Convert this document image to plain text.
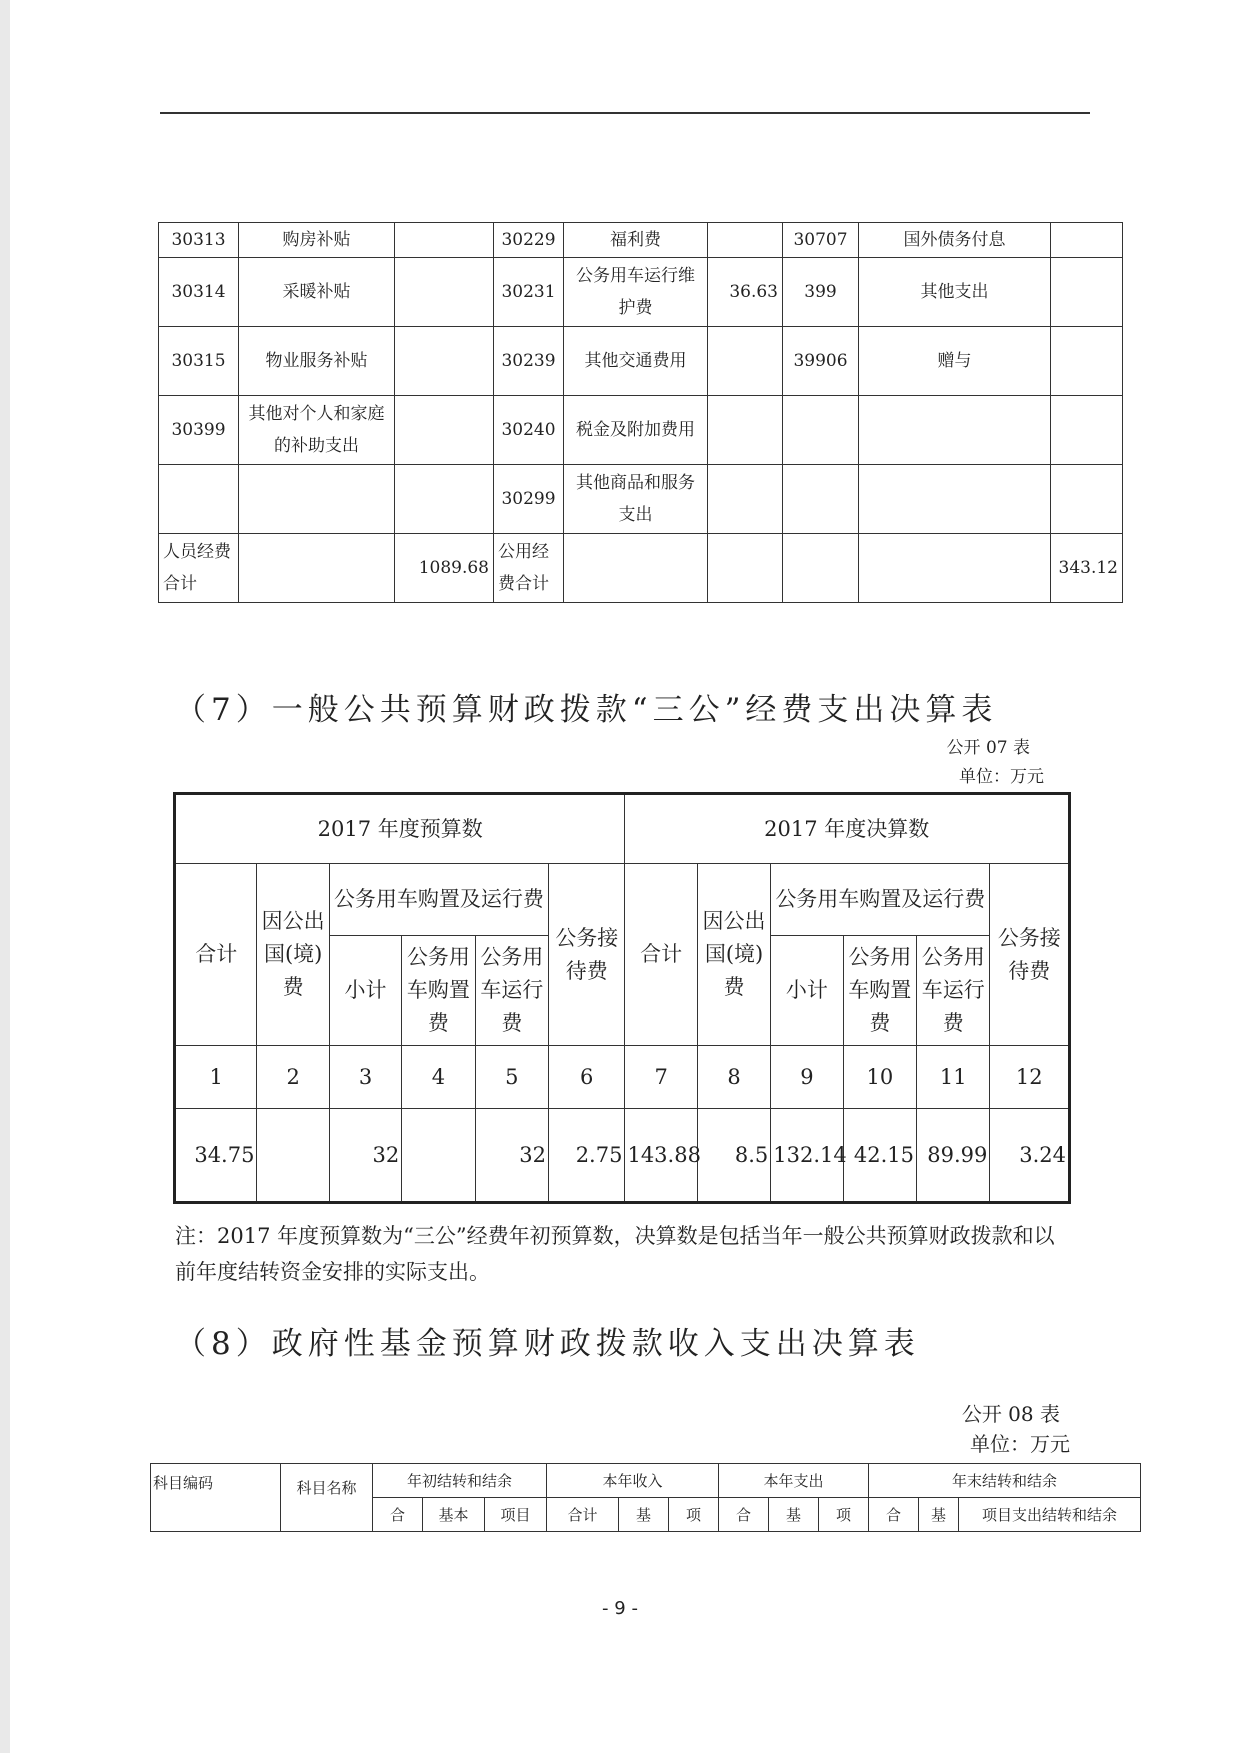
30313	购房补贴		30229	福利费		30707	国外债务付息	
30314	采暖补贴		30231	公务用车运行维护费	36.63	399	其他支出	
30315	物业服务补贴		30239	其他交通费用		39906	赠与	
30399	其他对个人和家庭的补助支出		30240	税金及附加费用				
			30299	其他商品和服务支出				
人员经费合计		1089.68	公用经费合计					343.12
（7）一般公共预算财政拨款“三公”经费支出决算表
公开 07 表
单位：万元
2017 年度预算数						2017 年度决算数					
合计	因公出国(境)费	公务用车购置及运行费			公务接待费	合计	因公出国(境)费	公务用车购置及运行费			公务接待费
		小计	公务用车购置费	公务用车运行费				小计	公务用车购置费	公务用车运行费	
1	2	3	4	5	6	7	8	9	10	11	12
34.75		32		32	2.75	143.88	8.5	132.14	42.15	89.99	3.24
注：2017 年度预算数为“三公”经费年初预算数，决算数是包括当年一般公共预算财政拨款和以前年度结转资金安排的实际支出。
（8）政府性基金预算财政拨款收入支出决算表
公开 08 表
单位：万元
科目编码	科目名称	年初结转和结余			本年收入			本年支出			年末结转和结余		
		合	基本	项目	合计	基	项	合	基	项	合	基	项目支出结转和结余
- 9 -
